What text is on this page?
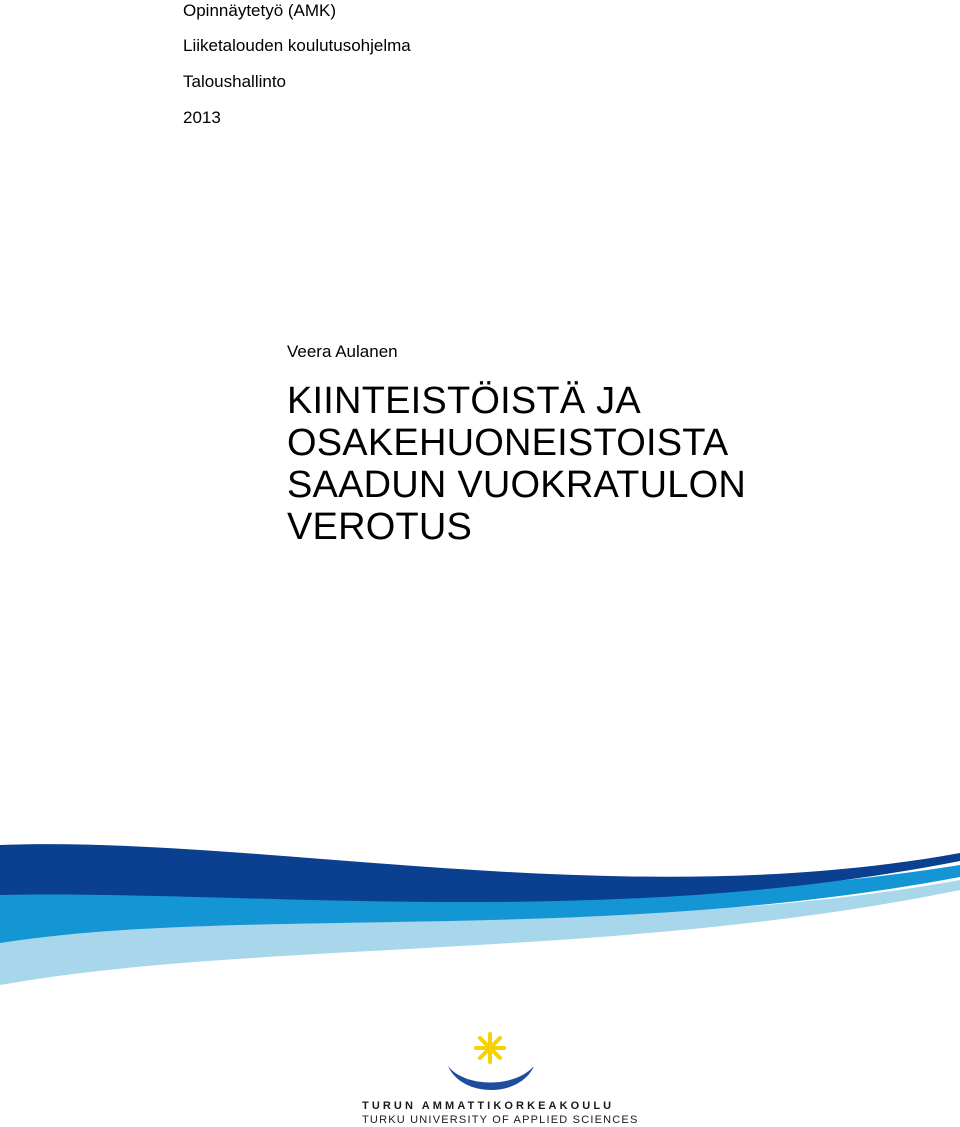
Opinnäytetyö (AMK)
Liiketalouden koulutusohjelma
Taloushallinto
2013
Veera Aulanen
KIINTEISTÖISTÄ JA
OSAKEHUONEISTOISTA
SAADUN VUOKRATULON
VEROTUS
TURUN AMMATTIKORKEAKOULU
TURKU UNIVERSITY OF APPLIED SCIENCES
